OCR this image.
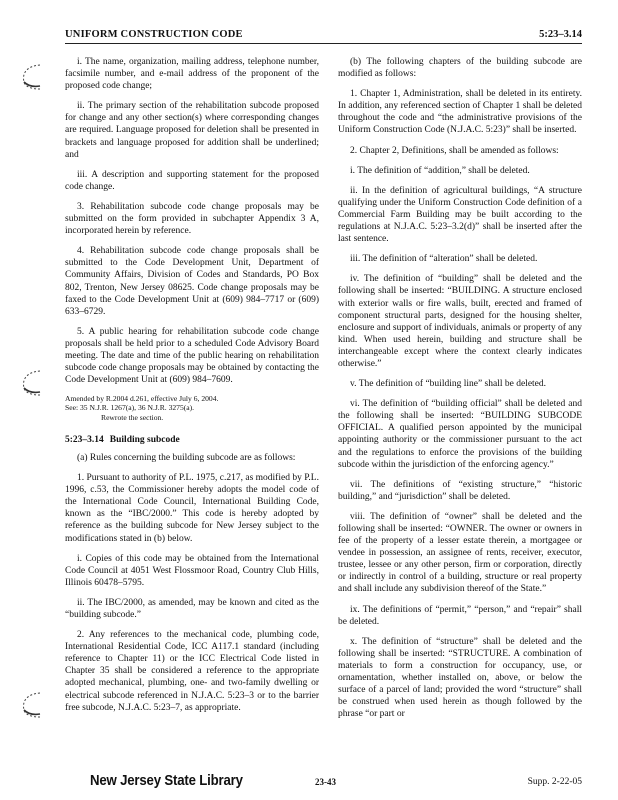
UNIFORM CONSTRUCTION CODE	5:23–3.14

i. The name, organization, mailing address, telephone number, facsimile number, and e-mail address of the proponent of the proposed code change;

ii. The primary section of the rehabilitation subcode proposed for change and any other section(s) where corresponding changes are required. Language proposed for deletion shall be presented in brackets and language proposed for addition shall be underlined; and

iii. A description and supporting statement for the proposed code change.

3. Rehabilitation subcode code change proposals may be submitted on the form provided in subchapter Appendix 3 A, incorporated herein by reference.

4. Rehabilitation subcode code change proposals shall be submitted to the Code Development Unit, Department of Community Affairs, Division of Codes and Standards, PO Box 802, Trenton, New Jersey 08625. Code change proposals may be faxed to the Code Development Unit at (609) 984–7717 or (609) 633–6729.

5. A public hearing for rehabilitation subcode code change proposals shall be held prior to a scheduled Code Advisory Board meeting. The date and time of the public hearing on rehabilitation subcode code change proposals may be obtained by contacting the Code Development Unit at (609) 984–7609.

Amended by R.2004 d.261, effective July 6, 2004.
See: 35 N.J.R. 1267(a), 36 N.J.R. 3275(a).
Rewrote the section.
5:23–3.14 Building subcode

(a) Rules concerning the building subcode are as follows:

1. Pursuant to authority of P.L. 1975, c.217, as modified by P.L. 1996, c.53, the Commissioner hereby adopts the model code of the International Code Council, International Building Code, known as the “IBC/2000.” This code is hereby adopted by reference as the building subcode for New Jersey subject to the modifications stated in (b) below.

i. Copies of this code may be obtained from the International Code Council at 4051 West Flossmoor Road, Country Club Hills, Illinois 60478–5795.

ii. The IBC/2000, as amended, may be known and cited as the “building subcode.”

2. Any references to the mechanical code, plumbing code, International Residential Code, ICC A117.1 standard (including reference to Chapter 11) or the ICC Electrical Code listed in Chapter 35 shall be considered a reference to the appropriate adopted mechanical, plumbing, one- and two-family dwelling or electrical subcode referenced in N.J.A.C. 5:23–3 or to the barrier free subcode, N.J.A.C. 5:23–7, as appropriate.

(b) The following chapters of the building subcode are modified as follows:

1. Chapter 1, Administration, shall be deleted in its entirety. In addition, any referenced section of Chapter 1 shall be deleted throughout the code and “the administrative provisions of the Uniform Construction Code (N.J.A.C. 5:23)” shall be inserted.

2. Chapter 2, Definitions, shall be amended as follows:

i. The definition of “addition,” shall be deleted.

ii. In the definition of agricultural buildings, “A structure qualifying under the Uniform Construction Code definition of a Commercial Farm Building may be built according to the regulations at N.J.A.C. 5:23–3.2(d)” shall be inserted after the last sentence.

iii. The definition of “alteration” shall be deleted.

iv. The definition of “building” shall be deleted and the following shall be inserted: “BUILDING. A structure enclosed with exterior walls or fire walls, built, erected and framed of component structural parts, designed for the housing shelter, enclosure and support of individuals, animals or property of any kind. When used herein, building and structure shall be interchangeable except where the context clearly indicates otherwise.”

v. The definition of “building line” shall be deleted.

vi. The definition of “building official” shall be deleted and the following shall be inserted: “BUILDING SUBCODE OFFICIAL. A qualified person appointed by the municipal appointing authority or the commissioner pursuant to the act and the regulations to enforce the provisions of the building subcode within the jurisdiction of the enforcing agency.”

vii. The definitions of “existing structure,” “historic building,” and “jurisdiction” shall be deleted.

viii. The definition of “owner” shall be deleted and the following shall be inserted: “OWNER. The owner or owners in fee of the property of a lesser estate therein, a mortgagee or vendee in possession, an assignee of rents, receiver, executor, trustee, lessee or any other person, firm or corporation, directly or indirectly in control of a building, structure or real property and shall include any subdivision thereof of the State.”

ix. The definitions of “permit,” “person,” and “repair” shall be deleted.

x. The definition of “structure” shall be deleted and the following shall be inserted: “STRUCTURE. A combination of materials to form a construction for occupancy, use, or ornamentation, whether installed on, above, or below the surface of a parcel of land; provided the word “structure” shall be construed when used herein as though followed by the phrase “or part or

New Jersey State Library	23-43	Supp. 2-22-05
